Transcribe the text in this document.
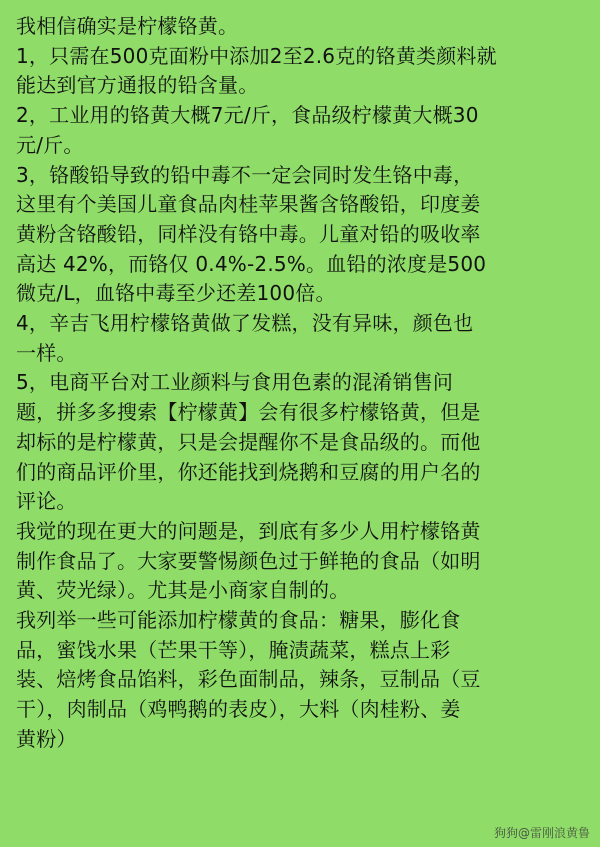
我相信确实是柠檬铬黄。
1，只需在500克面粉中添加2至2.6克的铬黄类颜料就
能达到官方通报的铅含量。
2，工业用的铬黄大概7元/斤，食品级柠檬黄大概30
元/斤。
3，铬酸铅导致的铅中毒不一定会同时发生铬中毒，
这里有个美国儿童食品肉桂苹果酱含铬酸铅，印度姜
黄粉含铬酸铅，同样没有铬中毒。儿童对铅的吸收率
高达 42%，而铬仅 0.4%-2.5%。血铅的浓度是500
微克/L，血铬中毒至少还差100倍。
4，辛吉飞用柠檬铬黄做了发糕，没有异味，颜色也
一样。
5，电商平台对工业颜料与食用色素的混淆销售问
题，拼多多搜索【柠檬黄】会有很多柠檬铬黄，但是
却标的是柠檬黄，只是会提醒你不是食品级的。而他
们的商品评价里，你还能找到烧鹅和豆腐的用户名的
评论。
我觉的现在更大的问题是，到底有多少人用柠檬铬黄
制作食品了。大家要警惕颜色过于鲜艳的食品（如明
黄、荧光绿）。尤其是小商家自制的。
我列举一些可能添加柠檬黄的食品：糖果，膨化食
品，蜜饯水果（芒果干等），腌渍蔬菜，糕点上彩
装、焙烤食品馅料，彩色面制品，辣条，豆制品（豆
干），肉制品（鸡鸭鹅的表皮），大料（肉桂粉、姜
黄粉）
狗狗@雷刚浪黄鲁
